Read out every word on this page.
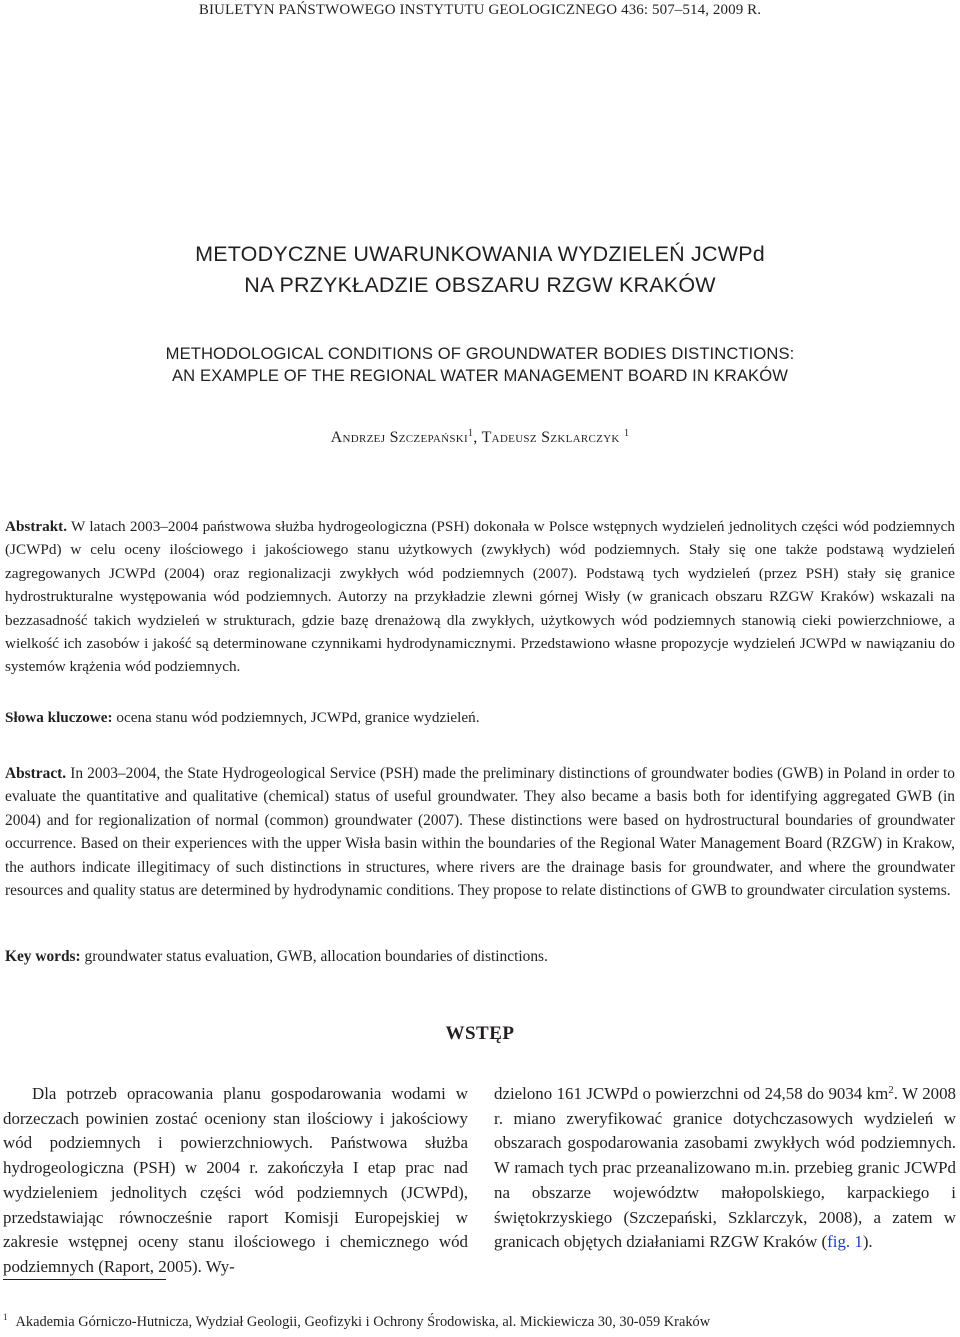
BIULETYN PAŃSTWOWEGO INSTYTUTU GEOLOGICZNEGO 436: 507–514, 2009 R.
METODYCZNE UWARUNKOWANIA WYDZIELEŃ JCWPd
NA PRZYKŁADZIE OBSZARU RZGW KRAKÓW
METHODOLOGICAL CONDITIONS OF GROUNDWATER BODIES DISTINCTIONS:
AN EXAMPLE OF THE REGIONAL WATER MANAGEMENT BOARD IN KRAKÓW
Andrzej Szczepański$^1$, Tadeusz Szklarczyk $^1$
Abstrakt. W latach 2003–2004 państwowa służba hydrogeologiczna (PSH) dokonała w Polsce wstępnych wydzieleń jednolitych części wód podziemnych (JCWPd) w celu oceny ilościowego i jakościowego stanu użytkowych (zwykłych) wód podziemnych. Stały się one także podstawą wydzieleń zagregowanych JCWPd (2004) oraz regionalizacji zwykłych wód podziemnych (2007). Podstawą tych wydzieleń (przez PSH) stały się granice hydrostrukturalne występowania wód podziemnych. Autorzy na przykładzie zlewni górnej Wisły (w granicach obszaru RZGW Kraków) wskazali na bezzasadność takich wydzieleń w strukturach, gdzie bazę drenażową dla zwykłych, użytkowych wód podziemnych stanowią cieki powierzchniowe, a wielkość ich zasobów i jakość są determinowane czynnikami hydrodynamicznymi. Przedstawiono własne propozycje wydzieleń JCWPd w nawiązaniu do systemów krążenia wód podziemnych.
Słowa kluczowe: ocena stanu wód podziemnych, JCWPd, granice wydzieleń.
Abstract. In 2003–2004, the State Hydrogeological Service (PSH) made the preliminary distinctions of groundwater bodies (GWB) in Poland in order to evaluate the quantitative and qualitative (chemical) status of useful groundwater. They also became a basis both for identifying aggregated GWB (in 2004) and for regionalization of normal (common) groundwater (2007). These distinctions were based on hydrostructural boundaries of groundwater occurrence. Based on their experiences with the upper Wisła basin within the boundaries of the Regional Water Management Board (RZGW) in Krakow, the authors indicate illegitimacy of such distinctions in structures, where rivers are the drainage basis for groundwater, and where the groundwater resources and quality status are determined by hydrodynamic conditions. They propose to relate distinctions of GWB to groundwater circulation systems.
Key words: groundwater status evaluation, GWB, allocation boundaries of distinctions.
WSTĘP
Dla potrzeb opracowania planu gospodarowania wodami w dorzeczach powinien zostać oceniony stan ilościowy i jakościowy wód podziemnych i powierzchniowych. Państwowa służba hydrogeologiczna (PSH) w 2004 r. zakończyła I etap prac nad wydzieleniem jednolitych części wód podziemnych (JCWPd), przedstawiając równocześnie raport Komisji Europejskiej w zakresie wstępnej oceny stanu ilościowego i chemicznego wód podziemnych (Raport, 2005). Wy-
dzielono 161 JCWPd o powierzchni od 24,58 do 9034 $km^2$. W 2008 r. miano zweryfikować granice dotychczasowych wydzieleń w obszarach gospodarowania zasobami zwykłych wód podziemnych. W ramach tych prac przeanalizowano m.in. przebieg granic JCWPd na obszarze województw małopolskiego, karpackiego i świętokrzyskiego (Szczepański, Szklarczyk, 2008), a zatem w granicach objętych działaniami RZGW Kraków (fig. 1).
$^1$ Akademia Górniczo-Hutnicza, Wydział Geologii, Geofizyki i Ochrony Środowiska, al. Mickiewicza 30, 30-059 Kraków
